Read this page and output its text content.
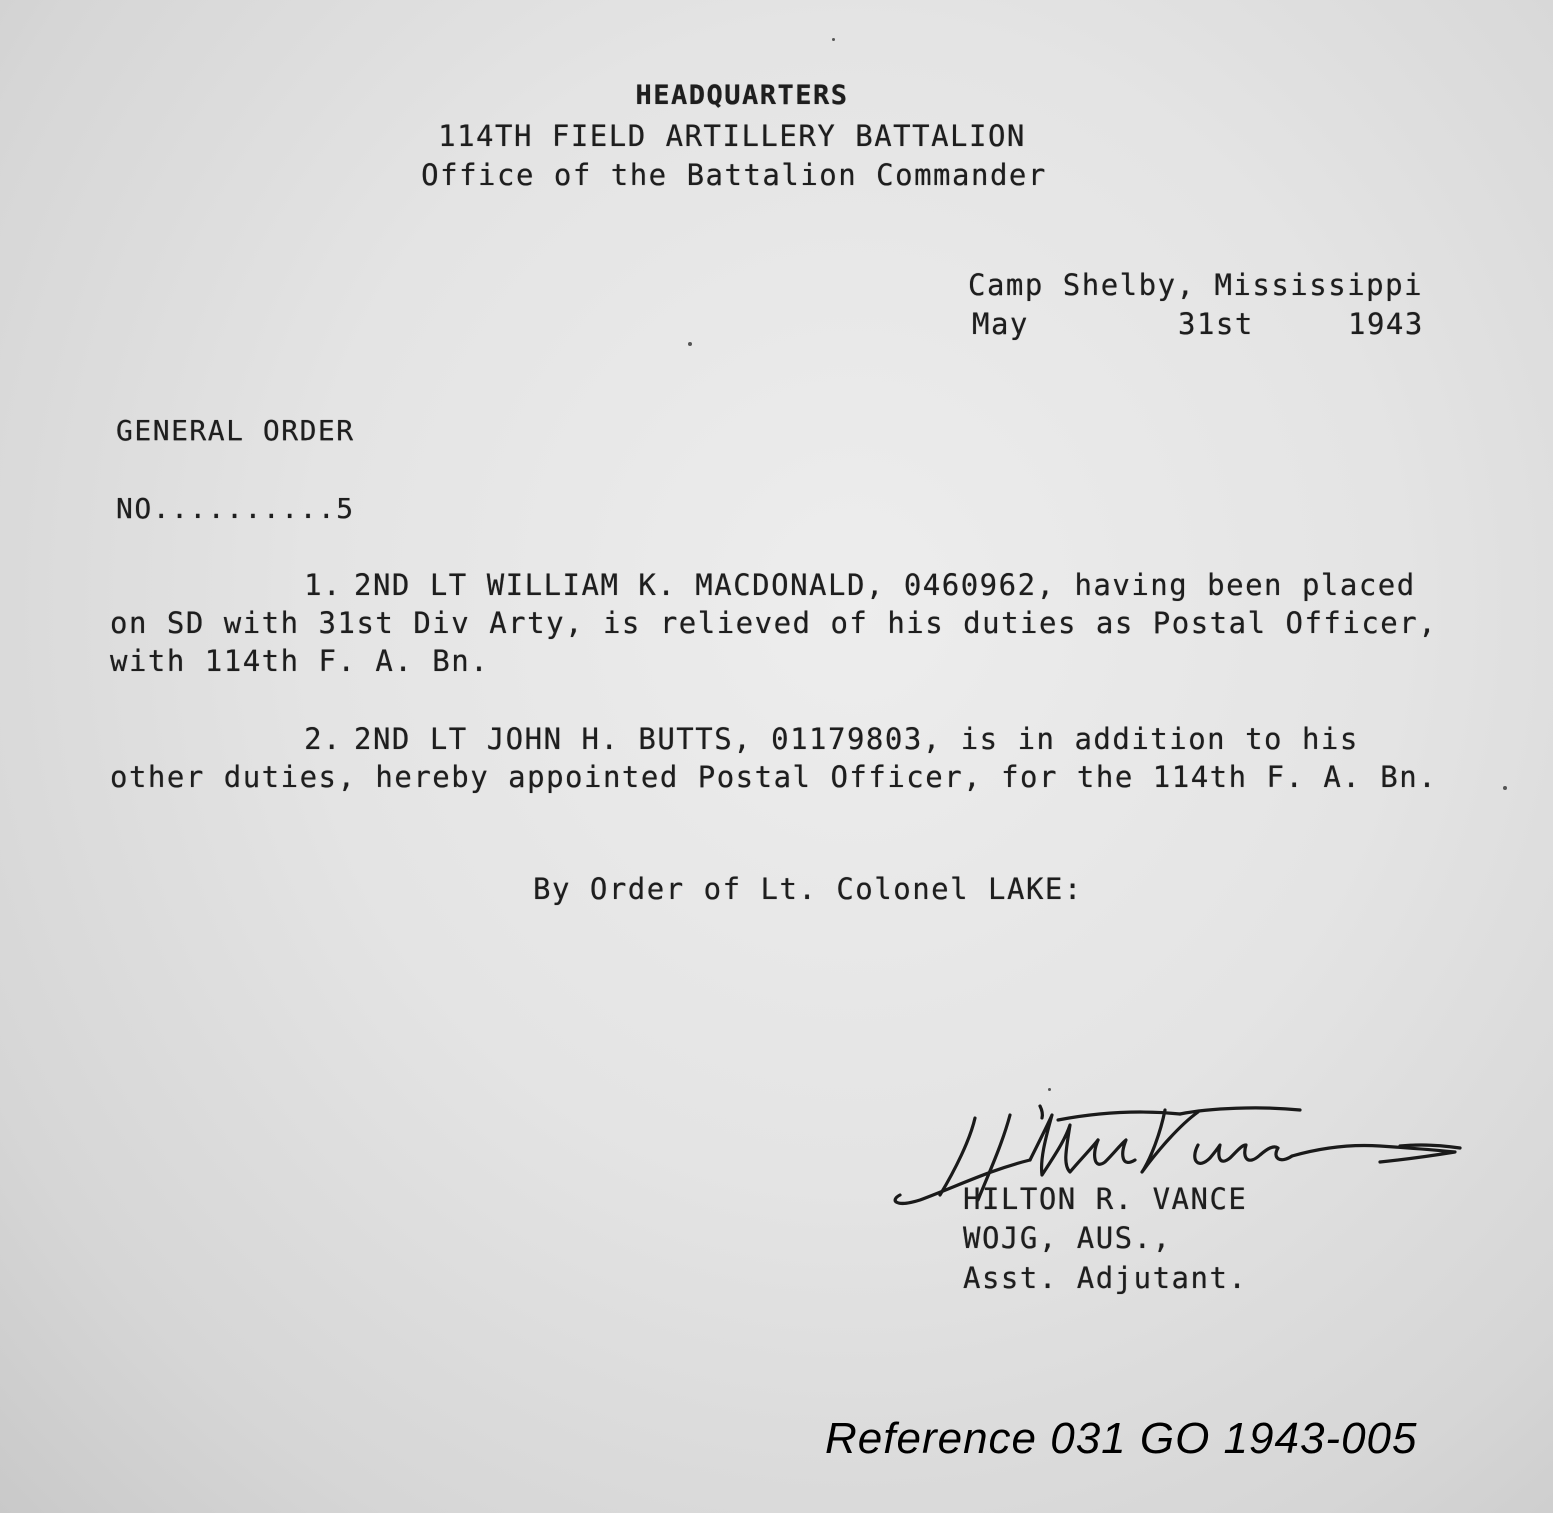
HEADQUARTERS
114TH FIELD ARTILLERY BATTALION
Office of the Battalion Commander
Camp Shelby, Mississippi
May	31st	1943
GENERAL ORDER
NO..........5
1. 2ND LT WILLIAM K. MACDONALD, 0460962, having been placed on SD with 31st Div Arty, is relieved of his duties as Postal Officer, with 114th F. A. Bn.
2. 2ND LT JOHN H. BUTTS, 01179803, is in addition to his other duties, hereby appointed Postal Officer, for the 114th F. A. Bn.
By Order of Lt. Colonel LAKE:
HILTON R. VANCE
WOJG, AUS.,
Asst. Adjutant.
Reference 031 GO 1943-005
